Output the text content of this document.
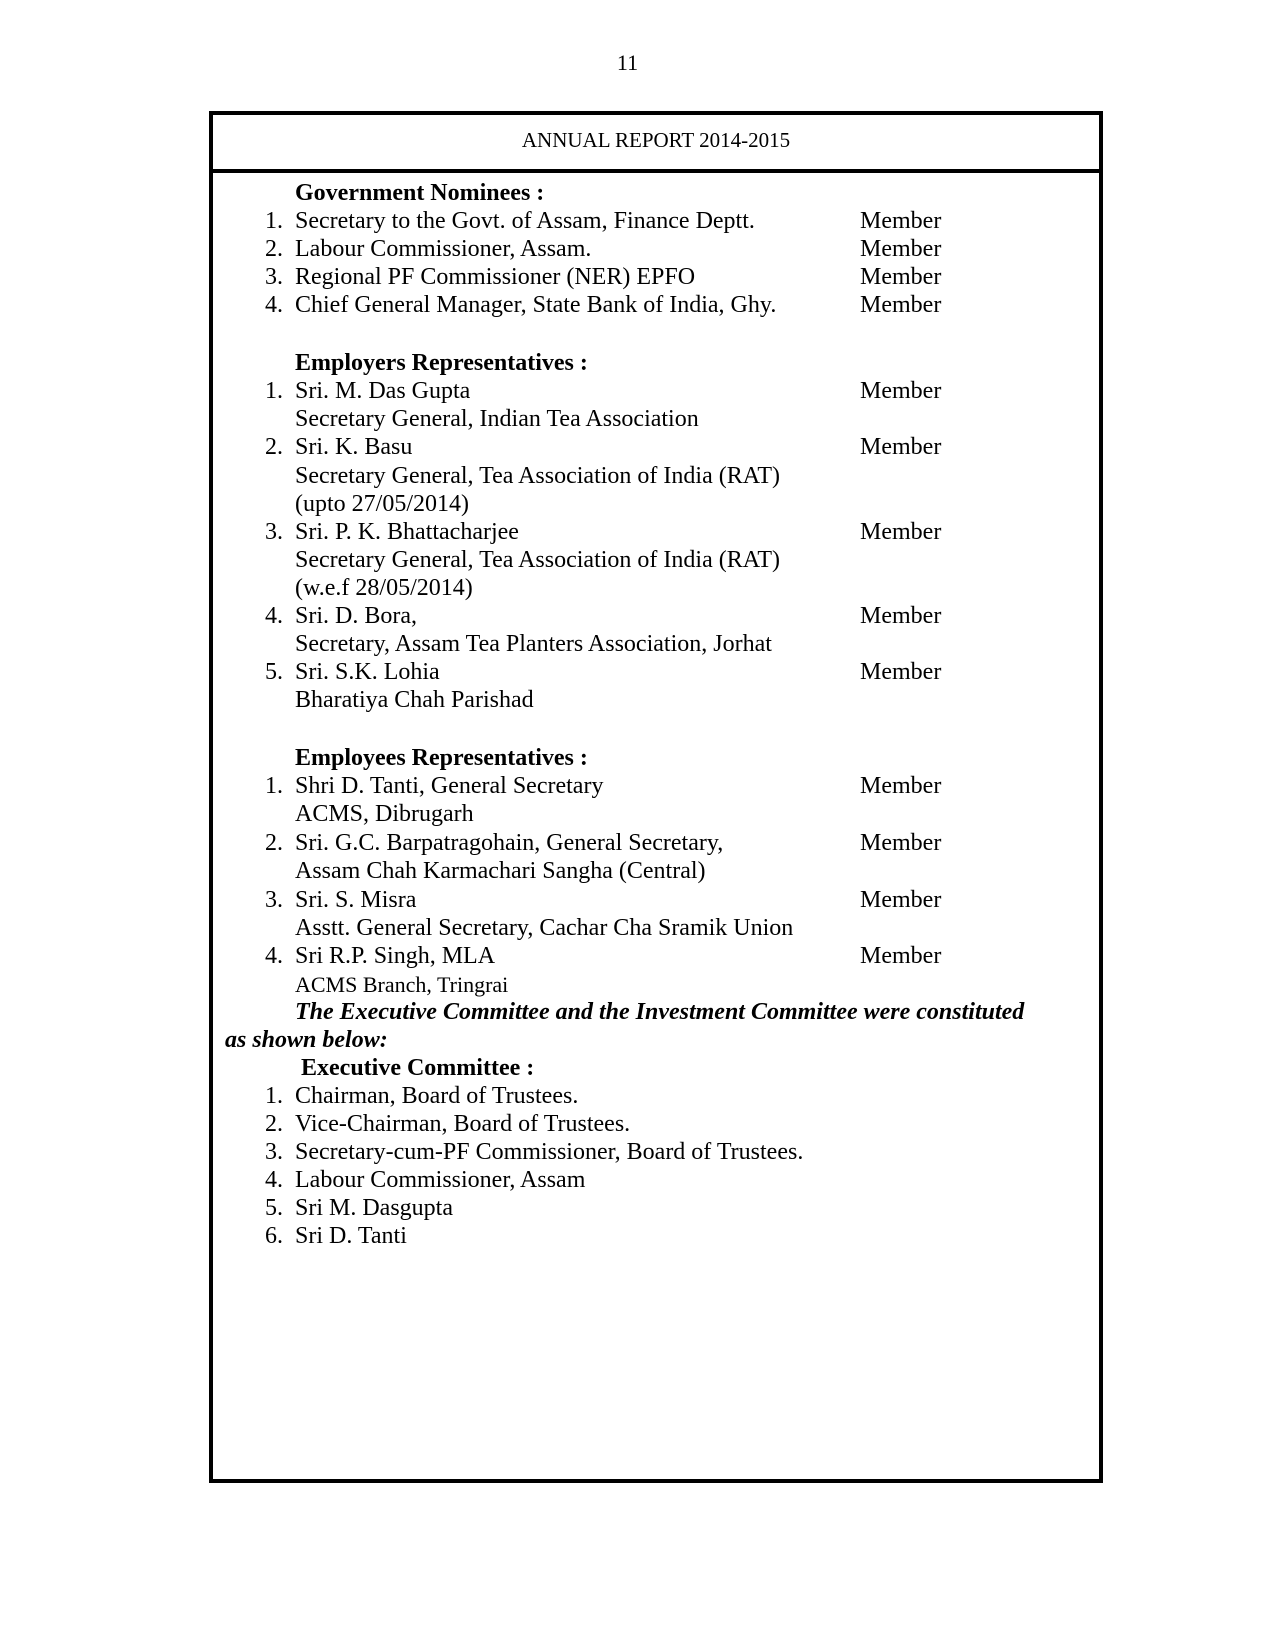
11
ANNUAL REPORT 2014-2015
Government Nominees :
1. Secretary to the Govt. of Assam, Finance Deptt.	Member
2. Labour Commissioner, Assam.	Member
3. Regional PF Commissioner (NER) EPFO	Member
4. Chief General Manager, State Bank of India, Ghy.	Member
Employers Representatives :
1. Sri. M. Das Gupta	Member
Secretary General, Indian Tea Association
2. Sri. K. Basu	Member
Secretary General, Tea Association of India (RAT)
(upto 27/05/2014)
3. Sri. P. K. Bhattacharjee	Member
Secretary General, Tea Association of India (RAT)
(w.e.f 28/05/2014)
4. Sri. D. Bora,	Member
Secretary, Assam Tea Planters Association, Jorhat
5. Sri. S.K. Lohia	Member
Bharatiya Chah Parishad
Employees Representatives :
1. Shri D. Tanti, General Secretary	Member
ACMS, Dibrugarh
2. Sri. G.C. Barpatragohain, General Secretary,	Member
Assam Chah Karmachari Sangha (Central)
3. Sri. S. Misra	Member
Asstt. General Secretary, Cachar Cha Sramik Union
4. Sri R.P. Singh, MLA	Member
ACMS Branch, Tringrai
The Executive Committee and the Investment Committee were constituted
as shown below:
Executive Committee :
1. Chairman, Board of Trustees.
2. Vice-Chairman, Board of Trustees.
3. Secretary-cum-PF Commissioner, Board of Trustees.
4. Labour Commissioner, Assam
5. Sri M. Dasgupta
6. Sri D. Tanti
